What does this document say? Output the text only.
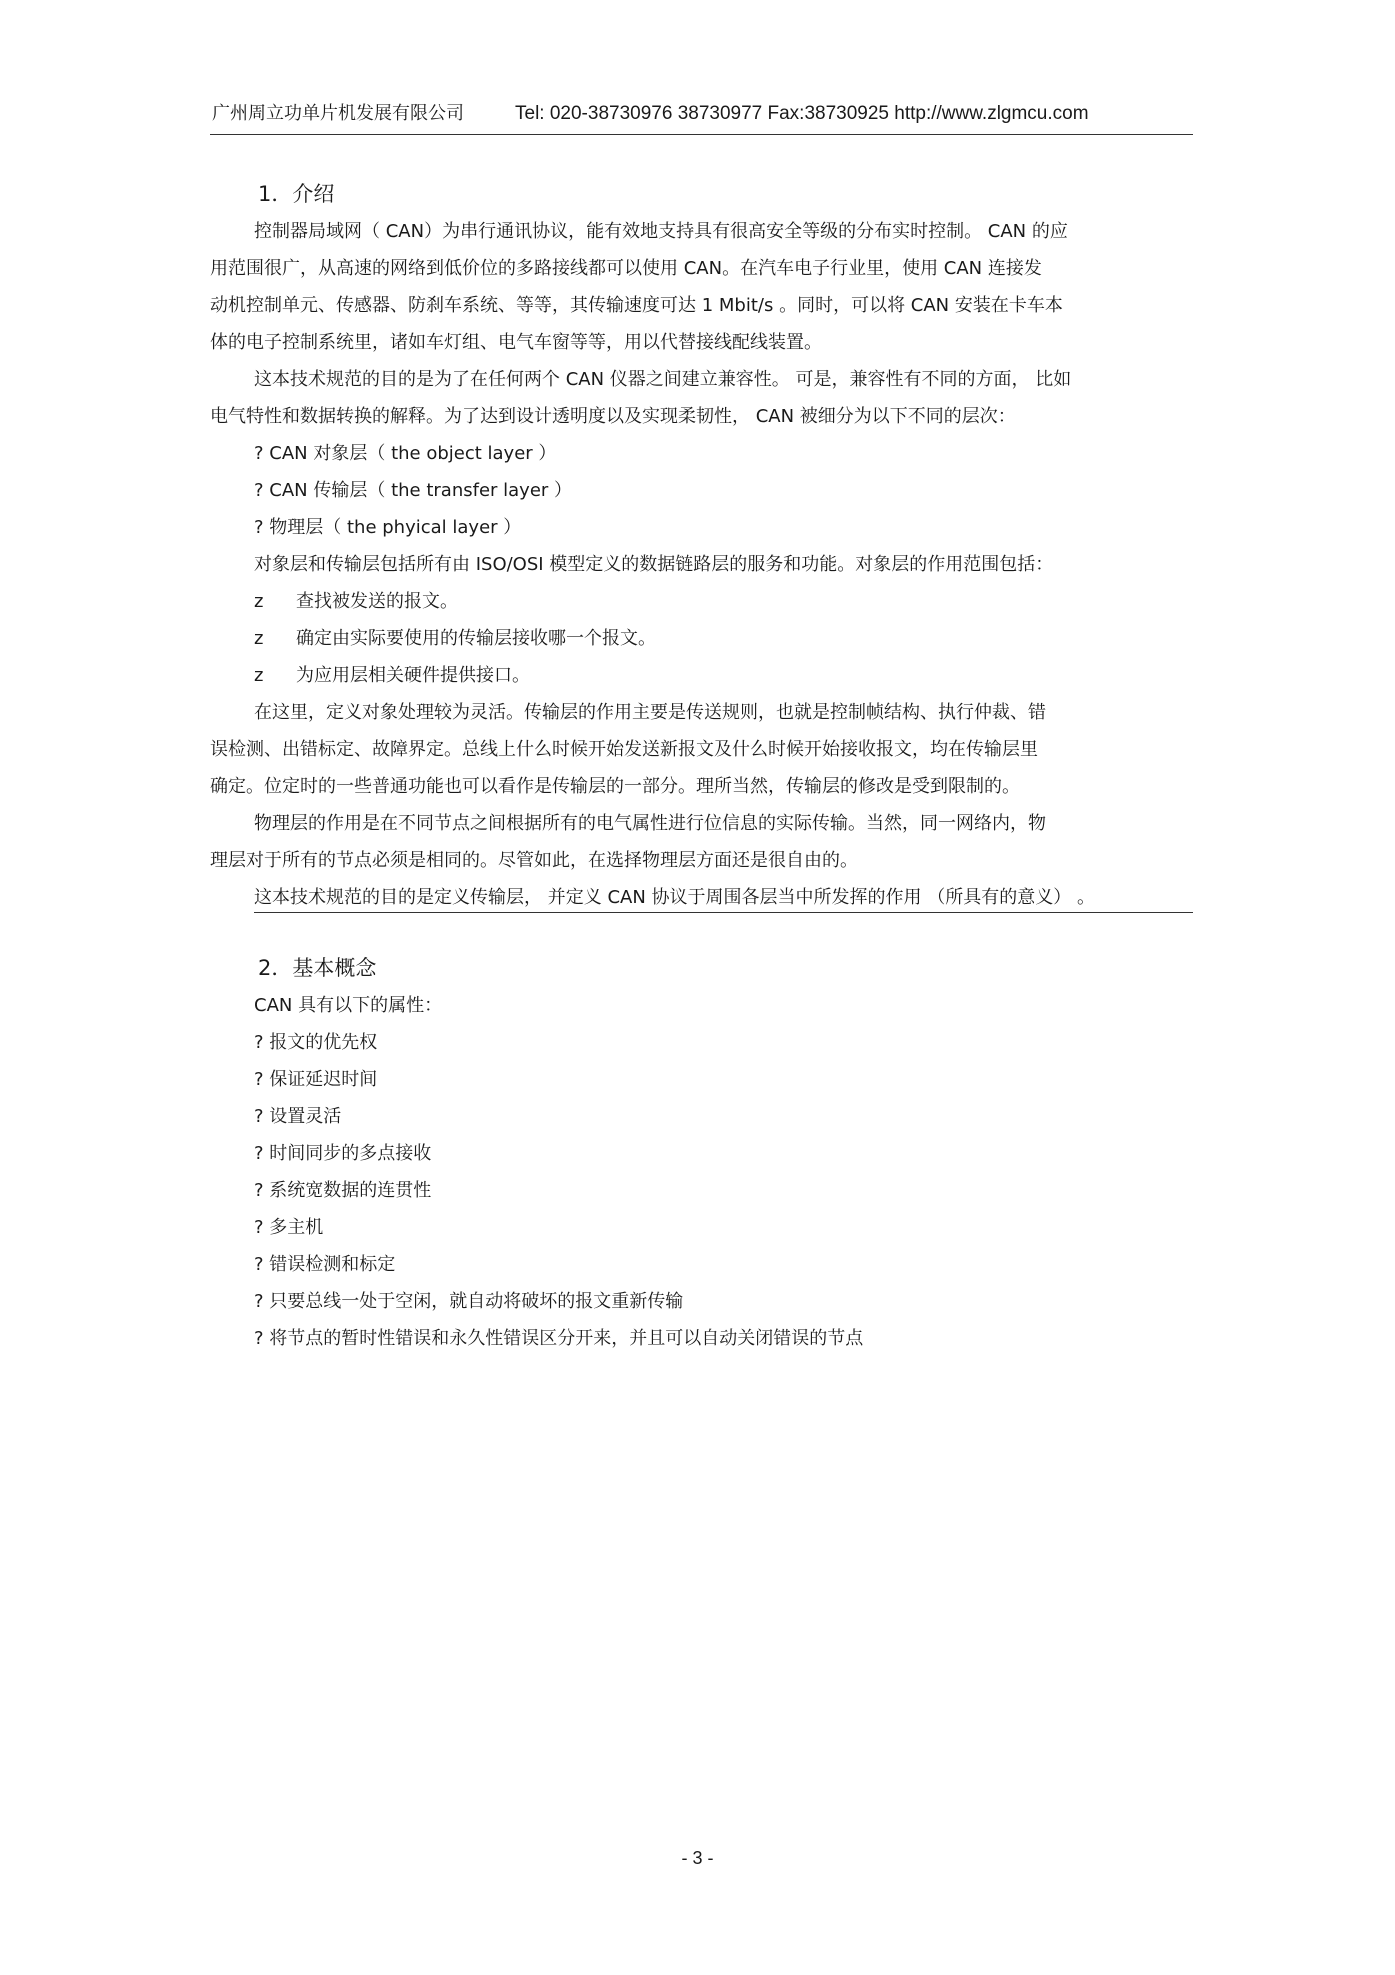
广州周立功单片机发展有限公司	Tel: 020-38730976 38730977 Fax:38730925 http://www.zlgmcu.com
1．介绍
控制器局域网（ CAN）为串行通讯协议，能有效地支持具有很高安全等级的分布实时控制。 CAN 的应
用范围很广，从高速的网络到低价位的多路接线都可以使用 CAN。在汽车电子行业里，使用 CAN 连接发
动机控制单元、传感器、防刹车系统、等等，其传输速度可达 1 Mbit/s 。同时，可以将 CAN 安装在卡车本
体的电子控制系统里，诸如车灯组、电气车窗等等，用以代替接线配线装置。
这本技术规范的目的是为了在任何两个 CAN 仪器之间建立兼容性。 可是，兼容性有不同的方面， 比如
电气特性和数据转换的解释。为了达到设计透明度以及实现柔韧性， CAN 被细分为以下不同的层次：
? CAN 对象层（ the object layer ）
? CAN 传输层（ the transfer layer ）
? 物理层（ the phyical layer ）
对象层和传输层包括所有由 ISO/OSI 模型定义的数据链路层的服务和功能。对象层的作用范围包括：
z 查找被发送的报文。
z 确定由实际要使用的传输层接收哪一个报文。
z 为应用层相关硬件提供接口。
在这里，定义对象处理较为灵活。传输层的作用主要是传送规则，也就是控制帧结构、执行仲裁、错
误检测、出错标定、故障界定。总线上什么时候开始发送新报文及什么时候开始接收报文，均在传输层里
确定。位定时的一些普通功能也可以看作是传输层的一部分。理所当然，传输层的修改是受到限制的。
物理层的作用是在不同节点之间根据所有的电气属性进行位信息的实际传输。当然，同一网络内，物
理层对于所有的节点必须是相同的。尽管如此，在选择物理层方面还是很自由的。
这本技术规范的目的是定义传输层， 并定义 CAN 协议于周围各层当中所发挥的作用 （所具有的意义） 。
2．基本概念
CAN 具有以下的属性：
? 报文的优先权
? 保证延迟时间
? 设置灵活
? 时间同步的多点接收
? 系统宽数据的连贯性
? 多主机
? 错误检测和标定
? 只要总线一处于空闲，就自动将破坏的报文重新传输
? 将节点的暂时性错误和永久性错误区分开来，并且可以自动关闭错误的节点
- 3 -
